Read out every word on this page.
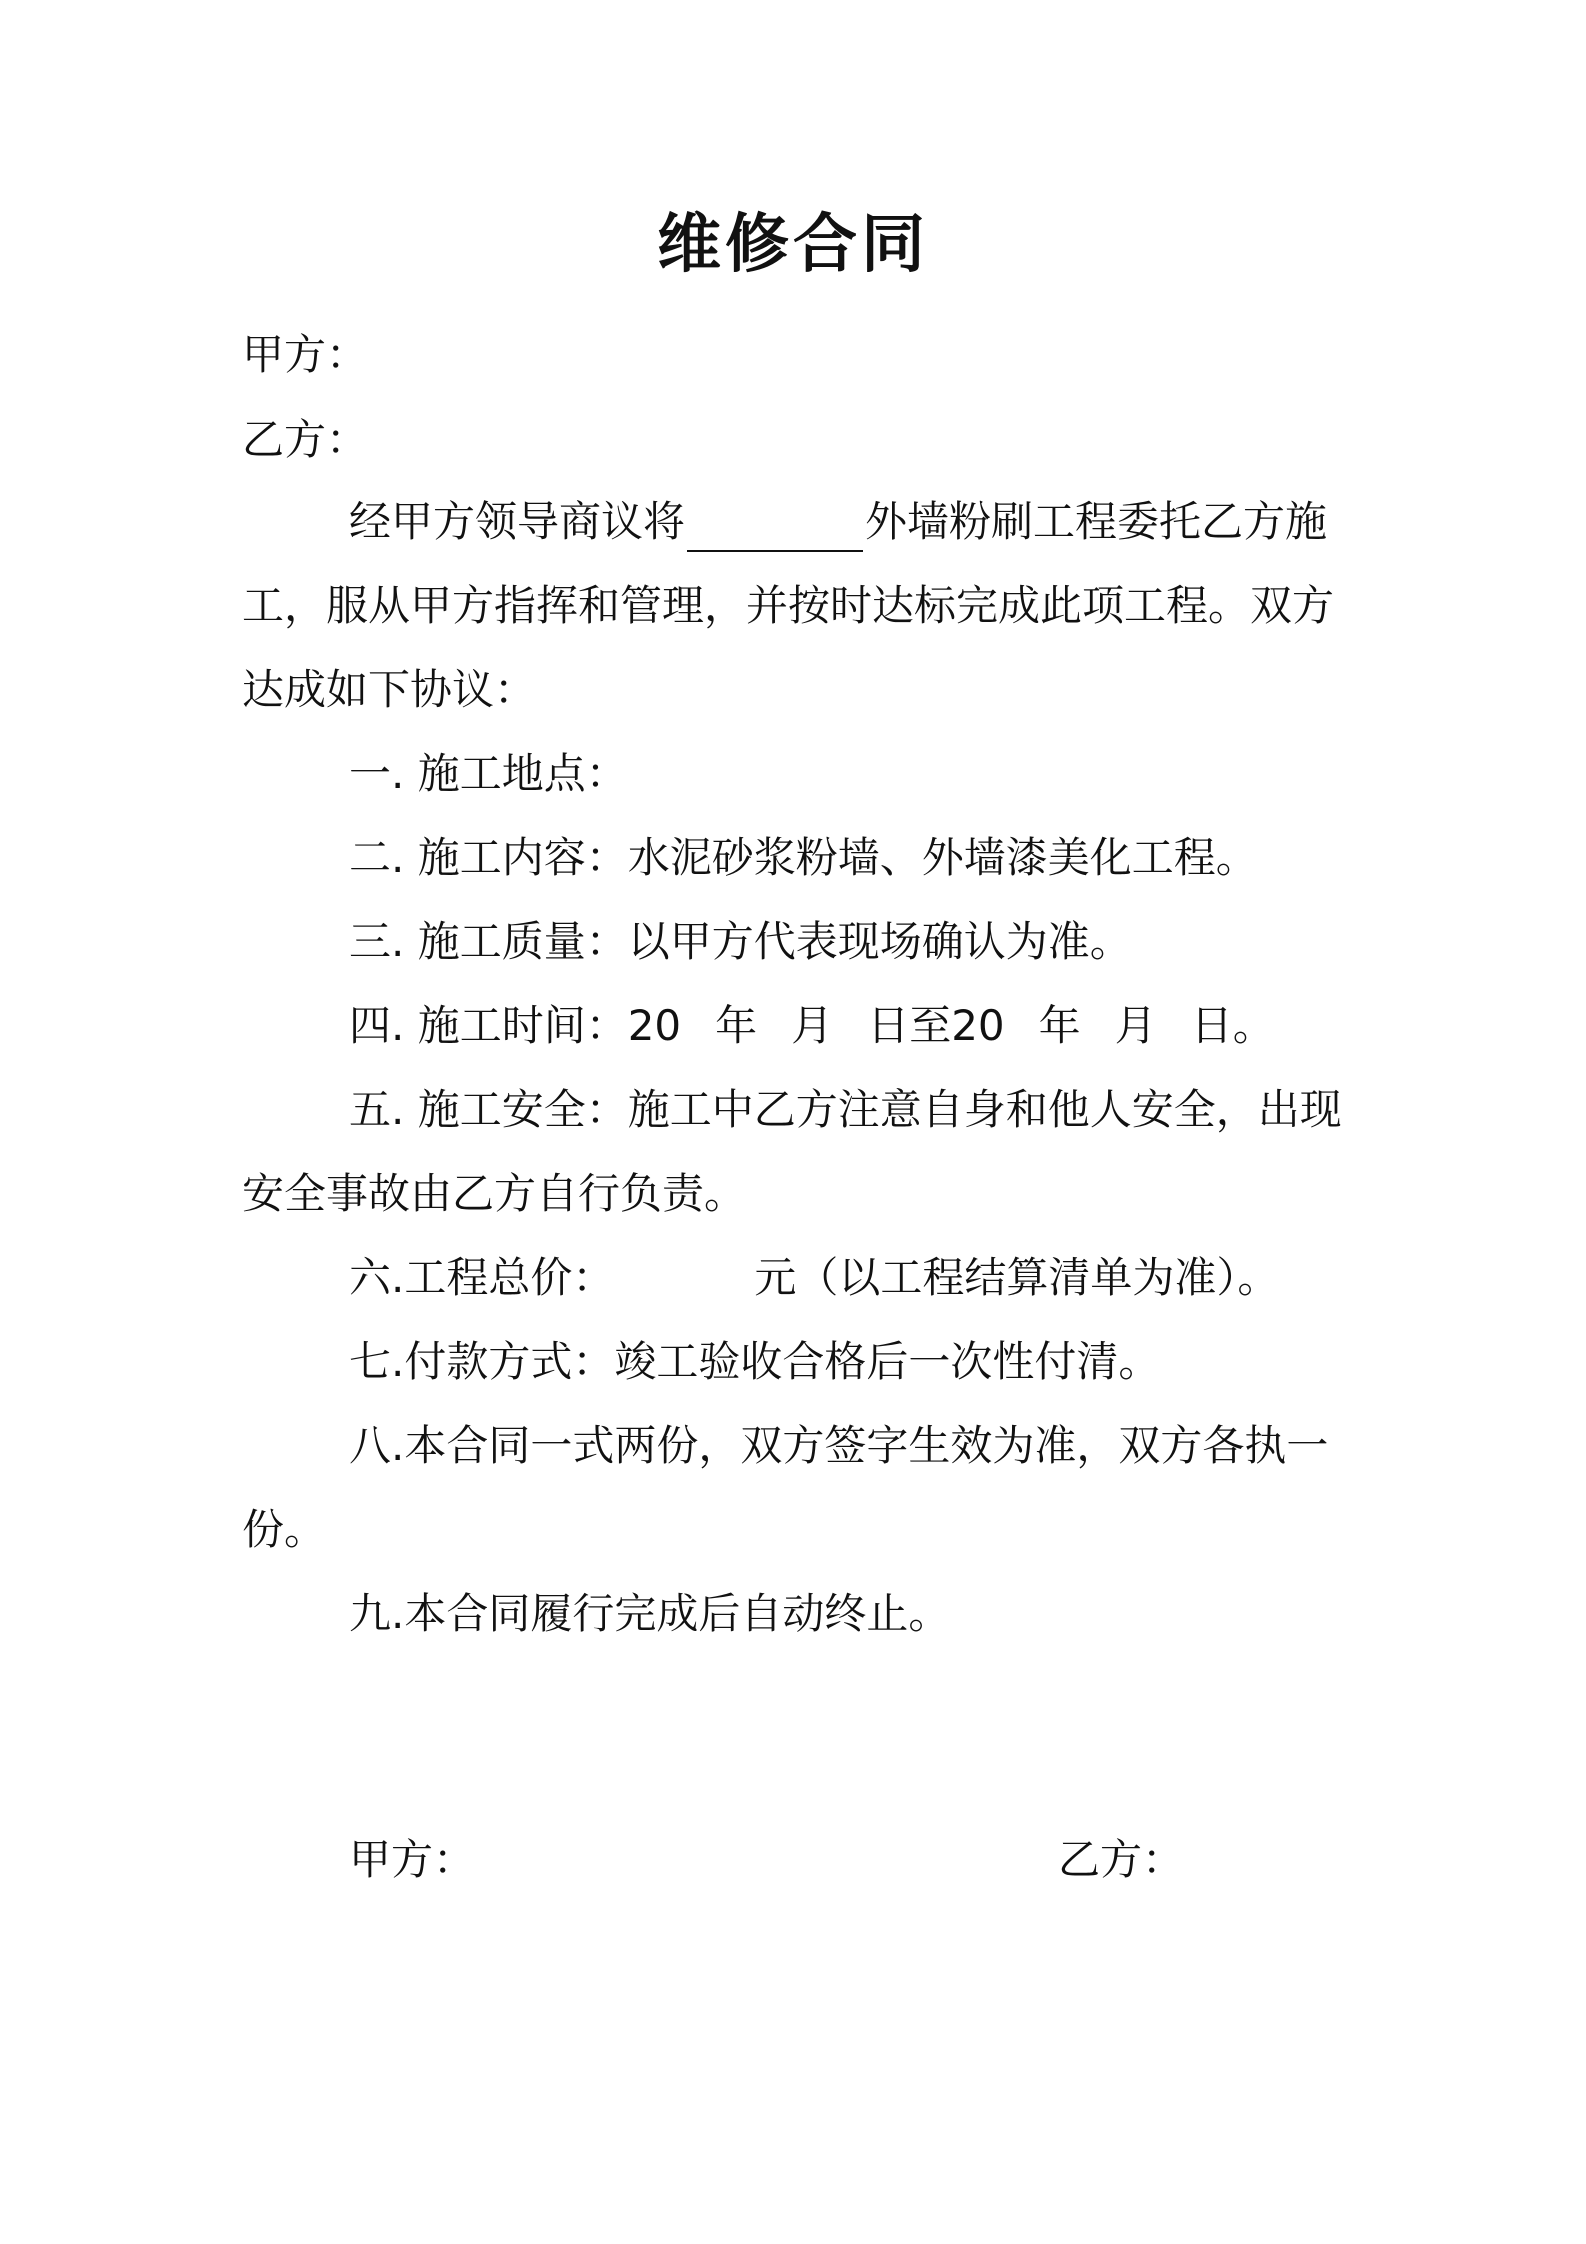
维修合同
甲方：
乙方：
经甲方领导商议将	外墙粉刷工程委托乙方施
工，服从甲方指挥和管理，并按时达标完成此项工程。双方
达成如下协议：
一. 施工地点：
二. 施工内容：水泥砂浆粉墙、外墙漆美化工程。
三. 施工质量：以甲方代表现场确认为准。
四. 施工时间：20 年 月 日至20 年 月 日。
五. 施工安全：施工中乙方注意自身和他人安全，出现
安全事故由乙方自行负责。
六.工程总价：	元（以工程结算清单为准）。
七.付款方式：竣工验收合格后一次性付清。
八.本合同一式两份，双方签字生效为准，双方各执一
份。
九.本合同履行完成后自动终止。
甲方：	乙方：
